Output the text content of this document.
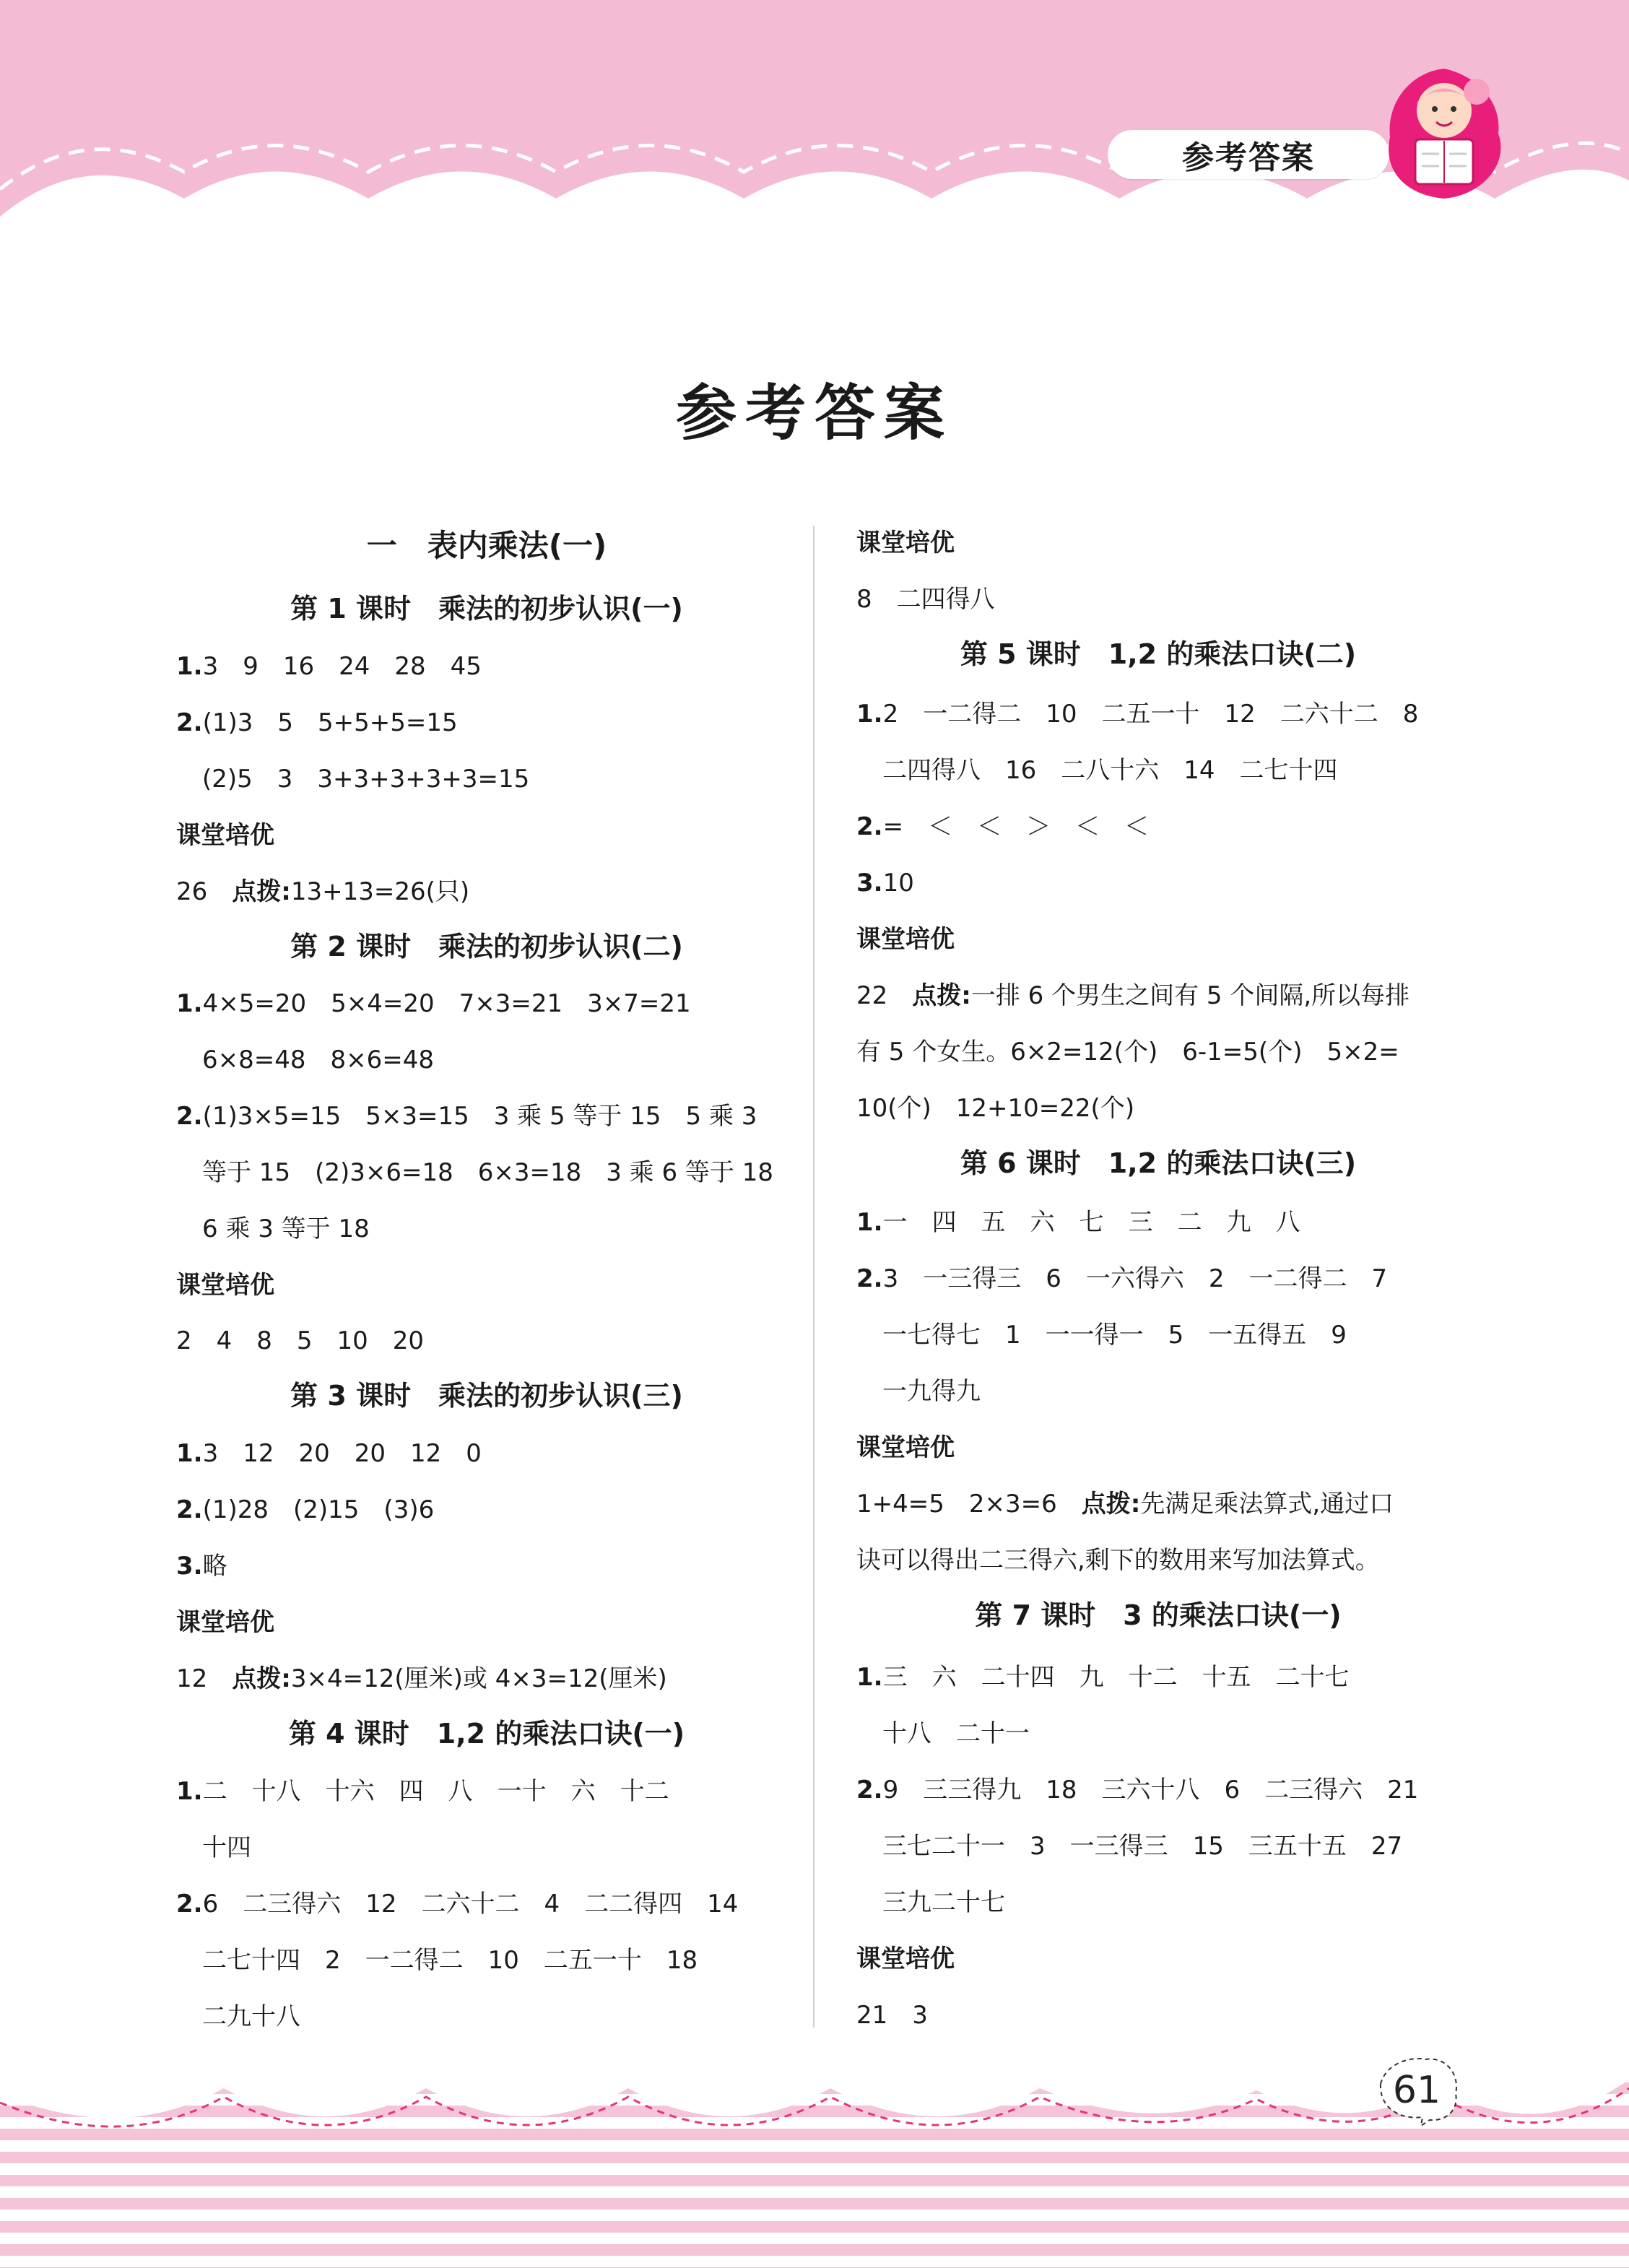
参考答案
参考答案
一　表内乘法(一)
第 1 课时　乘法的初步认识(一)
1.3　9　16　24　28　45
2.(1)3　5　5+5+5=15
(2)5　3　3+3+3+3+3=15
课堂培优
26　 点拨:13+13=26(只)
第 2 课时　乘法的初步认识(二)
1.4×5=20　5×4=20　7×3=21　3×7=21
6×8=48　8×6=48
2.(1)3×5=15　5×3=15　3 乘 5 等于 15　5 乘 3
等于 15　(2)3×6=18　6×3=18　3 乘 6 等于 18
6 乘 3 等于 18
课堂培优
2　4　8　5　10　20
第 3 课时　乘法的初步认识(三)
1.3　12　20　20　12　0
2.(1)28　(2)15　(3)6
3.略
课堂培优
12　 点拨:3×4=12(厘米)或 4×3=12(厘米)
第 4 课时　1,2 的乘法口诀(一)
1.二　十八　十六　四　八　一十　六　十二
十四
2.6　二三得六　12　二六十二　4　二二得四　14
二七十四　2　一二得二　10　二五一十　18
二九十八
课堂培优
8　二四得八
第 5 课时　1,2 的乘法口诀(二)
1.2　一二得二　10　二五一十　12　二六十二　8
二四得八　16　二八十六　14　二七十四
2.=　＜　＜　＞　＜　＜
3.10
课堂培优
22　 点拨:一排 6 个男生之间有 5 个间隔,所以每排
有 5 个女生。6×2=12(个)　6-1=5(个)　5×2=
10(个)　12+10=22(个)
第 6 课时　1,2 的乘法口诀(三)
1.一　四　五　六　七　三　二　九　八
2.3　一三得三　6　一六得六　2　一二得二　7
一七得七　1　一一得一　5　一五得五　9
一九得九
课堂培优
1+4=5　2×3=6　 点拨:先满足乘法算式,通过口
诀可以得出二三得六,剩下的数用来写加法算式。
第 7 课时　3 的乘法口诀(一)
1.三　六　二十四　九　十二　十五　二十七
十八　二十一
2.9　三三得九　18　三六十八　6　二三得六　21
三七二十一　3　一三得三　15　三五十五　27
三九二十七
课堂培优
21　3
61
